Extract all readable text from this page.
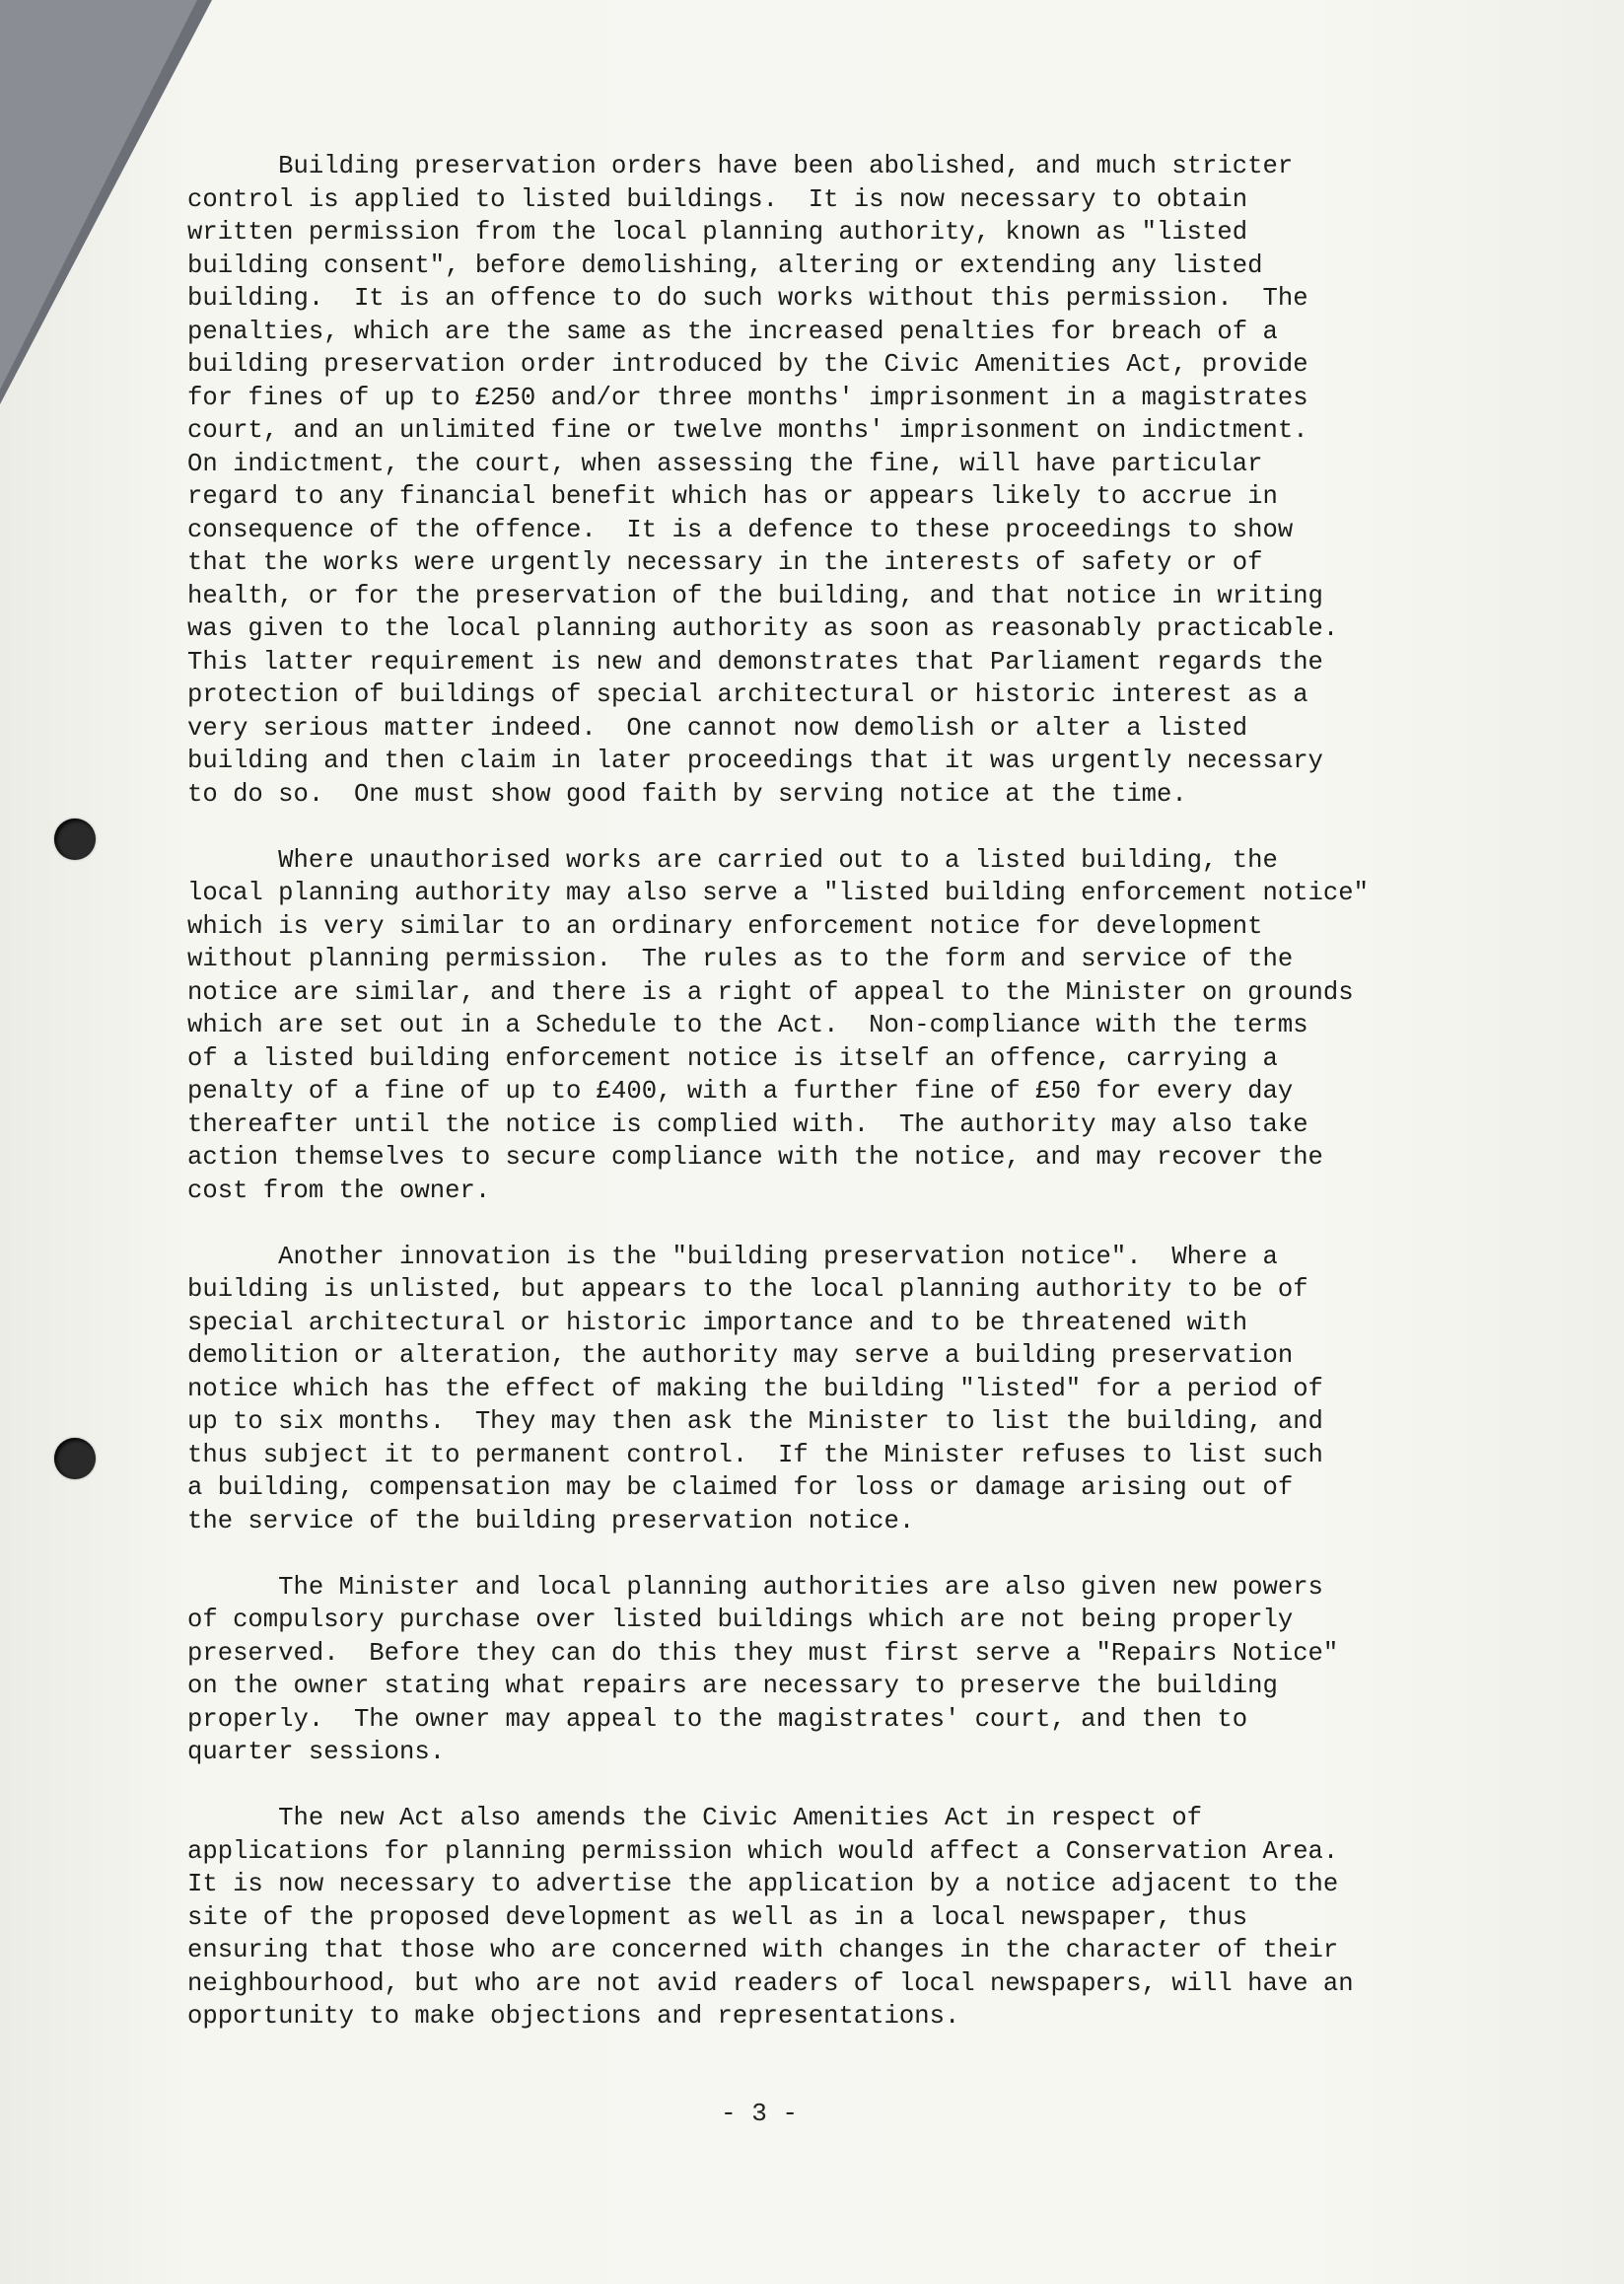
Building preservation orders have been abolished, and much stricter
control is applied to listed buildings.  It is now necessary to obtain
written permission from the local planning authority, known as "listed
building consent", before demolishing, altering or extending any listed
building.  It is an offence to do such works without this permission.  The
penalties, which are the same as the increased penalties for breach of a
building preservation order introduced by the Civic Amenities Act, provide
for fines of up to £250 and/or three months' imprisonment in a magistrates
court, and an unlimited fine or twelve months' imprisonment on indictment.
On indictment, the court, when assessing the fine, will have particular
regard to any financial benefit which has or appears likely to accrue in
consequence of the offence.  It is a defence to these proceedings to show
that the works were urgently necessary in the interests of safety or of
health, or for the preservation of the building, and that notice in writing
was given to the local planning authority as soon as reasonably practicable.
This latter requirement is new and demonstrates that Parliament regards the
protection of buildings of special architectural or historic interest as a
very serious matter indeed.  One cannot now demolish or alter a listed
building and then claim in later proceedings that it was urgently necessary
to do so.  One must show good faith by serving notice at the time.
Where unauthorised works are carried out to a listed building, the
local planning authority may also serve a "listed building enforcement notice"
which is very similar to an ordinary enforcement notice for development
without planning permission.  The rules as to the form and service of the
notice are similar, and there is a right of appeal to the Minister on grounds
which are set out in a Schedule to the Act.  Non-compliance with the terms
of a listed building enforcement notice is itself an offence, carrying a
penalty of a fine of up to £400, with a further fine of £50 for every day
thereafter until the notice is complied with.  The authority may also take
action themselves to secure compliance with the notice, and may recover the
cost from the owner.
Another innovation is the "building preservation notice".  Where a
building is unlisted, but appears to the local planning authority to be of
special architectural or historic importance and to be threatened with
demolition or alteration, the authority may serve a building preservation
notice which has the effect of making the building "listed" for a period of
up to six months.  They may then ask the Minister to list the building, and
thus subject it to permanent control.  If the Minister refuses to list such
a building, compensation may be claimed for loss or damage arising out of
the service of the building preservation notice.
The Minister and local planning authorities are also given new powers
of compulsory purchase over listed buildings which are not being properly
preserved.  Before they can do this they must first serve a "Repairs Notice"
on the owner stating what repairs are necessary to preserve the building
properly.  The owner may appeal to the magistrates' court, and then to
quarter sessions.
The new Act also amends the Civic Amenities Act in respect of
applications for planning permission which would affect a Conservation Area.
It is now necessary to advertise the application by a notice adjacent to the
site of the proposed development as well as in a local newspaper, thus
ensuring that those who are concerned with changes in the character of their
neighbourhood, but who are not avid readers of local newspapers, will have an
opportunity to make objections and representations.
- 3 -
